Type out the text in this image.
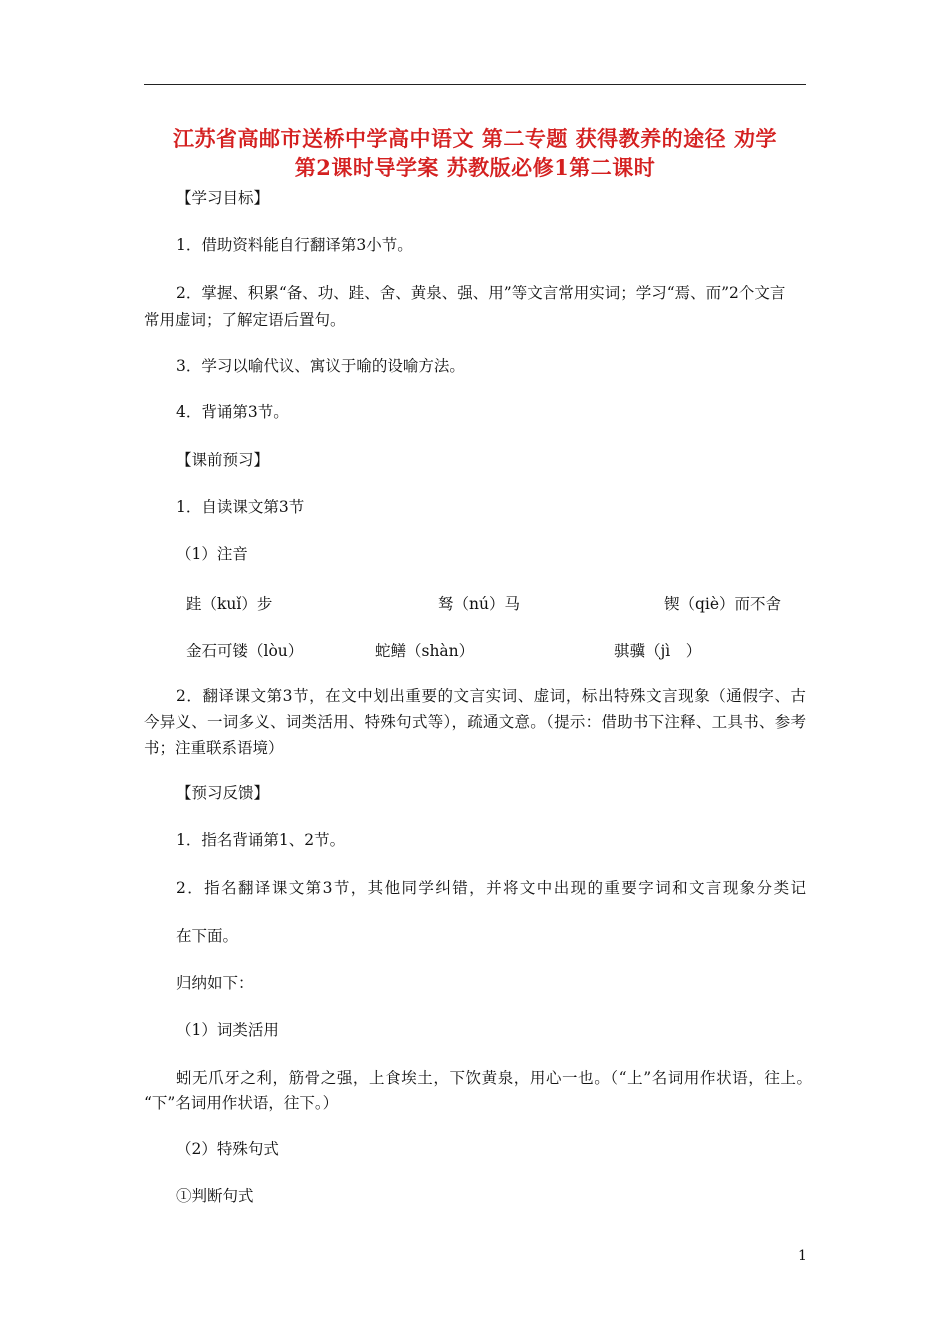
江苏省高邮市送桥中学高中语文 第二专题 获得教养的途径 劝学
第2课时导学案 苏教版必修1第二课时
【学习目标】
1．借助资料能自行翻译第3小节。
2．掌握、积累“备、功、跬、舍、黄泉、强、用”等文言常用实词；学习“焉、而”2个文言
常用虚词；了解定语后置句。
3．学习以喻代议、寓议于喻的设喻方法。
4．背诵第3节。
【课前预习】
1．自读课文第3节
（1）注音
跬（kuǐ）步	驽（nú）马	锲（qiè）而不舍
金石可镂（lòu）	蛇鳝（shàn）	骐骥（jì　）
2．翻译课文第3节，在文中划出重要的文言实词、虚词，标出特殊文言现象（通假字、古
今异义、一词多义、词类活用、特殊句式等），疏通文意。（提示：借助书下注释、工具书、参考
书；注重联系语境）
【预习反馈】
1．指名背诵第1、2节。
2．指名翻译课文第3节，其他同学纠错，并将文中出现的重要字词和文言现象分类记
在下面。
归纳如下：
（1）词类活用
蚓无爪牙之利，筋骨之强，上食埃土，下饮黄泉，用心一也。（“上”名词用作状语，往上。
“下”名词用作状语，往下。）
（2）特殊句式
①判断句式
1
